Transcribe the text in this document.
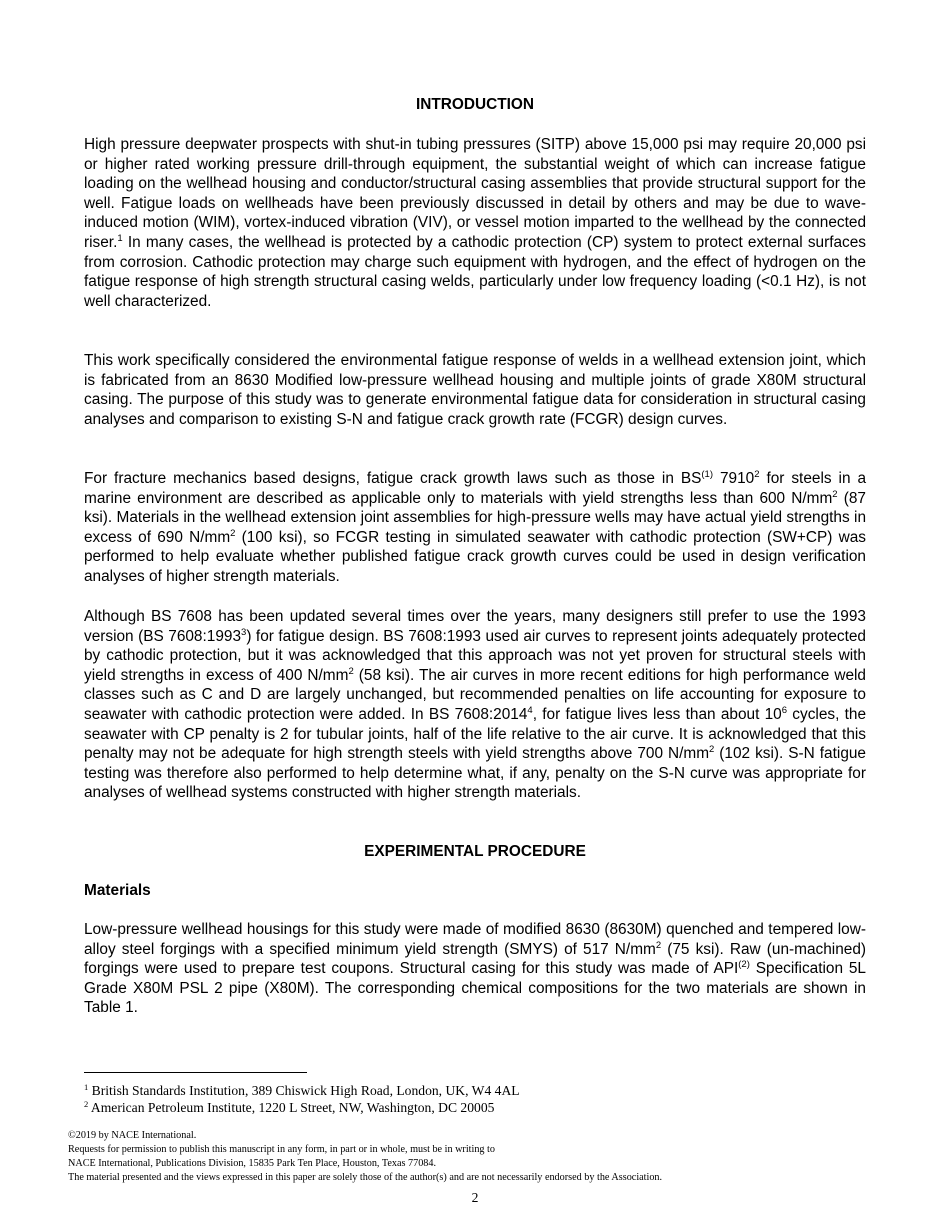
INTRODUCTION

High pressure deepwater prospects with shut-in tubing pressures (SITP) above 15,000 psi may require 20,000 psi or higher rated working pressure drill-through equipment, the substantial weight of which can increase fatigue loading on the wellhead housing and conductor/structural casing assemblies that provide structural support for the well. Fatigue loads on wellheads have been previously discussed in detail by others and may be due to wave-induced motion (WIM), vortex-induced vibration (VIV), or vessel motion imparted to the wellhead by the connected riser.$^1$ In many cases, the wellhead is protected by a cathodic protection (CP) system to protect external surfaces from corrosion. Cathodic protection may charge such equipment with hydrogen, and the effect of hydrogen on the fatigue response of high strength structural casing welds, particularly under low frequency loading (<0.1 Hz), is not well characterized.

This work specifically considered the environmental fatigue response of welds in a wellhead extension joint, which is fabricated from an 8630 Modified low-pressure wellhead housing and multiple joints of grade X80M structural casing. The purpose of this study was to generate environmental fatigue data for consideration in structural casing analyses and comparison to existing S-N and fatigue crack growth rate (FCGR) design curves.

For fracture mechanics based designs, fatigue crack growth laws such as those in BS$^{(1)}$ 7910$^2$ for steels in a marine environment are described as applicable only to materials with yield strengths less than 600 $N/mm^2$ (87 ksi). Materials in the wellhead extension joint assemblies for high-pressure wells may have actual yield strengths in excess of 690 $N/mm^2$ (100 ksi), so FCGR testing in simulated seawater with cathodic protection (SW+CP) was performed to help evaluate whether published fatigue crack growth curves could be used in design verification analyses of higher strength materials.

Although BS 7608 has been updated several times over the years, many designers still prefer to use the 1993 version (BS 7608:1993$^3$) for fatigue design. BS 7608:1993 used air curves to represent joints adequately protected by cathodic protection, but it was acknowledged that this approach was not yet proven for structural steels with yield strengths in excess of 400 $N/mm^2$ (58 ksi). The air curves in more recent editions for high performance weld classes such as C and D are largely unchanged, but recommended penalties on life accounting for exposure to seawater with cathodic protection were added. In BS 7608:2014$^4$, for fatigue lives less than about $10^6$ cycles, the seawater with CP penalty is 2 for tubular joints, half of the life relative to the air curve. It is acknowledged that this penalty may not be adequate for high strength steels with yield strengths above 700 $N/mm^2$ (102 ksi). S-N fatigue testing was therefore also performed to help determine what, if any, penalty on the S-N curve was appropriate for analyses of wellhead systems constructed with higher strength materials.

EXPERIMENTAL PROCEDURE
Materials

Low-pressure wellhead housings for this study were made of modified 8630 (8630M) quenched and tempered low-alloy steel forgings with a specified minimum yield strength (SMYS) of 517 $N/mm^2$ (75 ksi). Raw (un-machined) forgings were used to prepare test coupons. Structural casing for this study was made of API$^{(2)}$ Specification 5L Grade X80M PSL 2 pipe (X80M). The corresponding chemical compositions for the two materials are shown in Table 1.

$^1$ British Standards Institution, 389 Chiswick High Road, London, UK, W4 4AL
$^2$ American Petroleum Institute, 1220 L Street, NW, Washington, DC 20005
©2019 by NACE International.
Requests for permission to publish this manuscript in any form, in part or in whole, must be in writing to
NACE International, Publications Division, 15835 Park Ten Place, Houston, Texas 77084.
The material presented and the views expressed in this paper are solely those of the author(s) and are not necessarily endorsed by the Association.
2
